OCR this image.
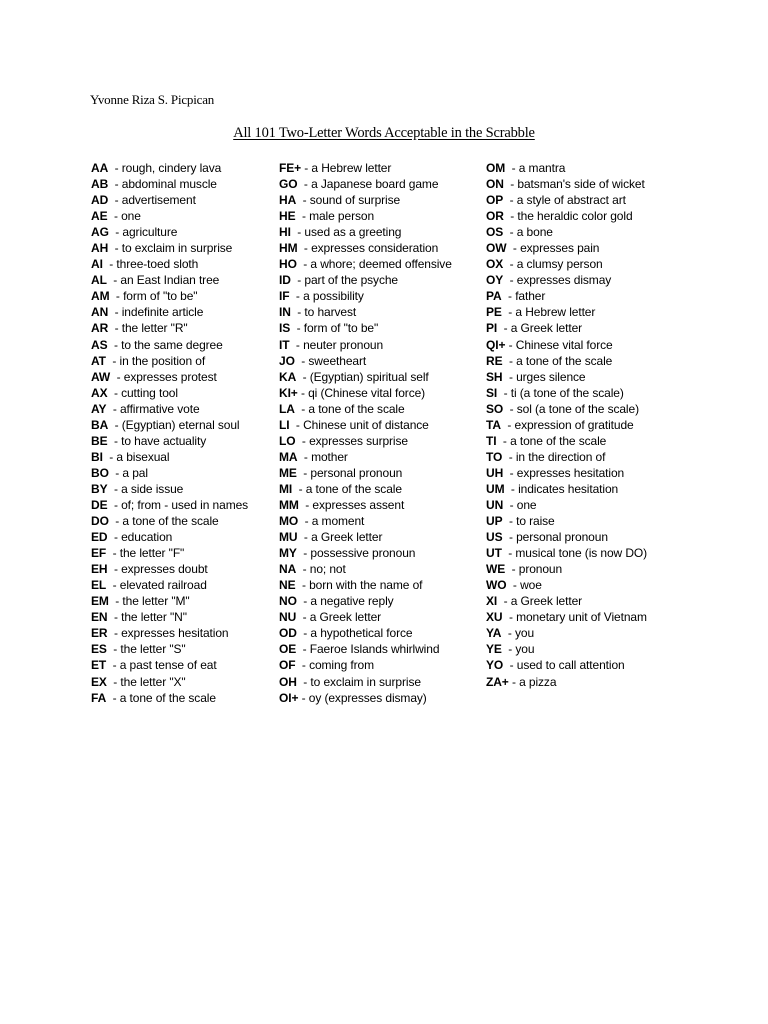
Yvonne Riza S. Picpican
All 101 Two-Letter Words Acceptable in the Scrabble
AA  - rough, cindery lava
AB  - abdominal muscle
AD  - advertisement
AE  - one
AG  - agriculture
AH  - to exclaim in surprise
AI  - three-toed sloth
AL  - an East Indian tree
AM  - form of "to be"
AN  - indefinite article
AR  - the letter "R"
AS  - to the same degree
AT  - in the position of
AW  - expresses protest
AX  - cutting tool
AY  - affirmative vote
BA  - (Egyptian) eternal soul
BE  - to have actuality
BI  - a bisexual
BO  - a pal
BY  - a side issue
DE  - of; from - used in names
DO  - a tone of the scale
ED  - education
EF  - the letter "F"
EH  - expresses doubt
EL  - elevated railroad
EM  - the letter "M"
EN  - the letter "N"
ER  - expresses hesitation
ES  - the letter "S"
ET  - a past tense of eat
EX  - the letter "X"
FA  - a tone of the scale
FE+ - a Hebrew letter
GO  - a Japanese board game
HA  - sound of surprise
HE  - male person
HI  - used as a greeting
HM  - expresses consideration
HO  - a whore; deemed offensive
ID  - part of the psyche
IF  - a possibility
IN  - to harvest
IS  - form of "to be"
IT  - neuter pronoun
JO  - sweetheart
KA  - (Egyptian) spiritual self
KI+ - qi (Chinese vital force)
LA  - a tone of the scale
LI  - Chinese unit of distance
LO  - expresses surprise
MA  - mother
ME  - personal pronoun
MI  - a tone of the scale
MM  - expresses assent
MO  - a moment
MU  - a Greek letter
MY  - possessive pronoun
NA  - no; not
NE  - born with the name of
NO  - a negative reply
NU  - a Greek letter
OD  - a hypothetical force
OE  - Faeroe Islands whirlwind
OF  - coming from
OH  - to exclaim in surprise
OI+ - oy (expresses dismay)
OM  - a mantra
ON  - batsman's side of wicket
OP  - a style of abstract art
OR  - the heraldic color gold
OS  - a bone
OW  - expresses pain
OX  - a clumsy person
OY  - expresses dismay
PA  - father
PE  - a Hebrew letter
PI  - a Greek letter
QI+ - Chinese vital force
RE  - a tone of the scale
SH  - urges silence
SI  - ti (a tone of the scale)
SO  - sol (a tone of the scale)
TA  - expression of gratitude
TI  - a tone of the scale
TO  - in the direction of
UH  - expresses hesitation
UM  - indicates hesitation
UN  - one
UP  - to raise
US  - personal pronoun
UT  - musical tone (is now DO)
WE  - pronoun
WO  - woe
XI  - a Greek letter
XU  - monetary unit of Vietnam
YA  - you
YE  - you
YO  - used to call attention
ZA+ - a pizza
